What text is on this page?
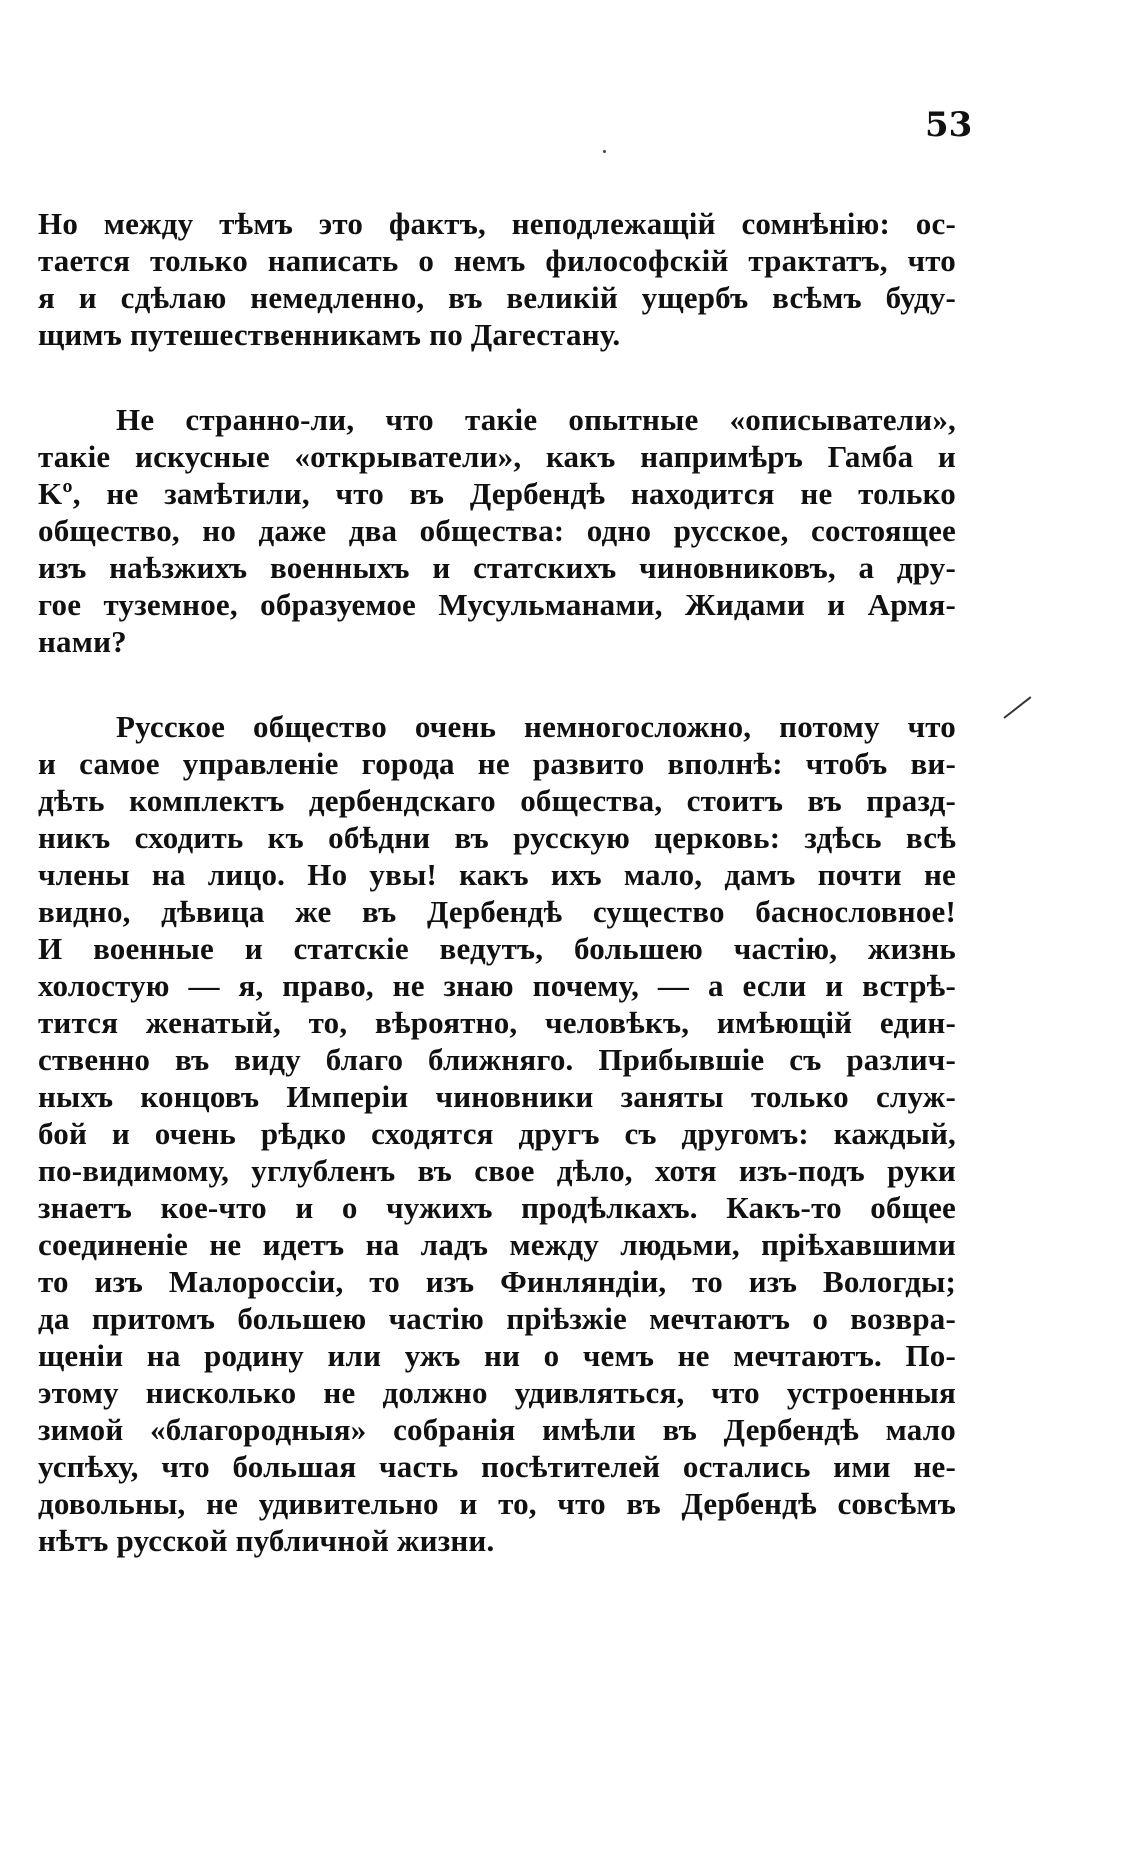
53
Но между тѣмъ это фактъ, неподлежащій сомнѣнію: ос-
тается только написать о немъ философскій трактатъ, что
я и сдѣлаю немедленно, въ великій ущербъ всѣмъ буду-
щимъ путешественникамъ по Дагестану.
Не странно-ли, что такіе опытные «описыватели»,
такіе искусные «открыватели», какъ напримѣръ Гамба и
Kº, не замѣтили, что въ Дербендѣ находится не только
общество, но даже два общества: одно русское, состоящее
изъ наѣзжихъ военныхъ и статскихъ чиновниковъ, а дру-
гое туземное, образуемое Мусульманами, Жидами и Армя-
нами?
Русское общество очень немногосложно, потому что
и самое управленіе города не развито вполнѣ: чтобъ ви-
дѣть комплектъ дербендскаго общества, стоитъ въ празд-
никъ сходить къ обѣдни въ русскую церковь: здѣсь всѣ
члены на лицо. Но увы! какъ ихъ мало, дамъ почти не
видно, дѣвица же въ Дербендѣ существо баснословное!
И военные и статскіе ведутъ, большею частію, жизнь
холостую — я, право, не знаю почему, — а если и встрѣ-
тится женатый, то, вѣроятно, человѣкъ, имѣющій един-
ственно въ виду благо ближняго. Прибывшіе съ различ-
ныхъ концовъ Имперіи чиновники заняты только служ-
бой и очень рѣдко сходятся другъ съ другомъ: каждый,
по-видимому, углубленъ въ свое дѣло, хотя изъ-подъ руки
знаетъ кое-что и о чужихъ продѣлкахъ. Какъ-то общее
соединеніе не идетъ на ладъ между людьми, пріѣхавшими
то изъ Малороссіи, то изъ Финляндіи, то изъ Вологды;
да притомъ большею частію пріѣзжіе мечтаютъ о возвра-
щеніи на родину или ужъ ни о чемъ не мечтаютъ. По-
этому нисколько не должно удивляться, что устроенныя
зимой «благородныя» собранія имѣли въ Дербендѣ мало
успѣху, что большая часть посѣтителей остались ими не-
довольны, не удивительно и то, что въ Дербендѣ совсѣмъ
нѣтъ русской публичной жизни.
